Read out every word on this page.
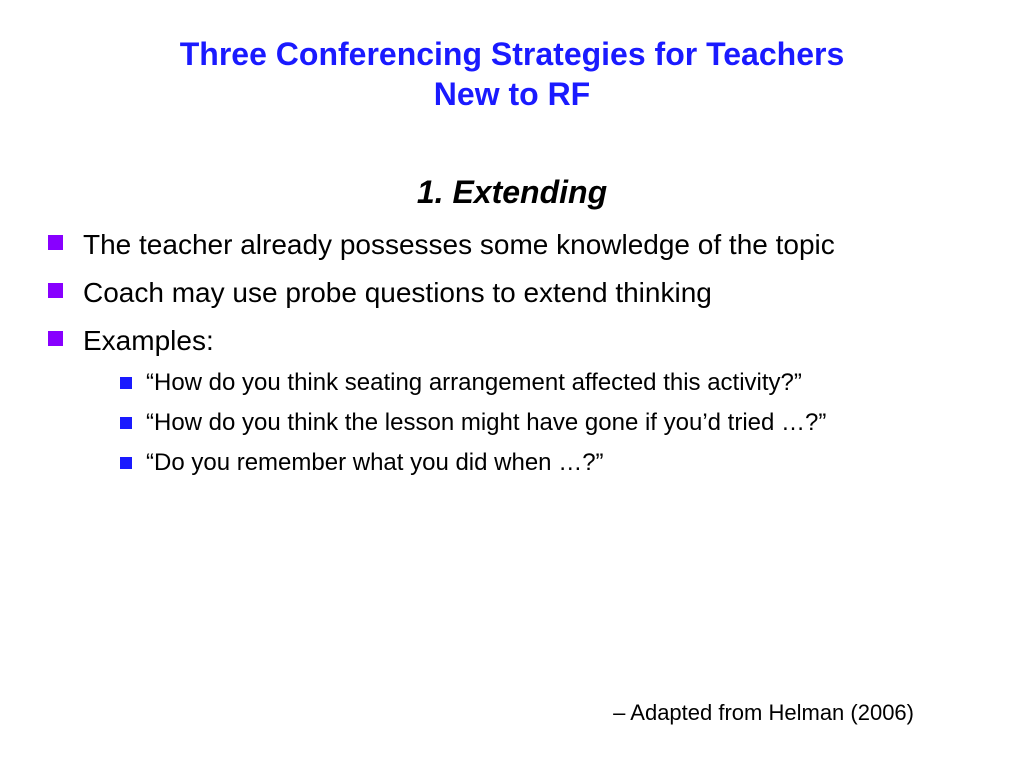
Three Conferencing Strategies for Teachers
New to RF
1. Extending
The teacher already possesses some knowledge of the topic
Coach may use probe questions to extend thinking
Examples:
“How do you think seating arrangement affected this activity?”
“How do you think the lesson might have gone if you’d tried …?”
“Do you remember what you did when …?”

– Adapted from Helman (2006)
